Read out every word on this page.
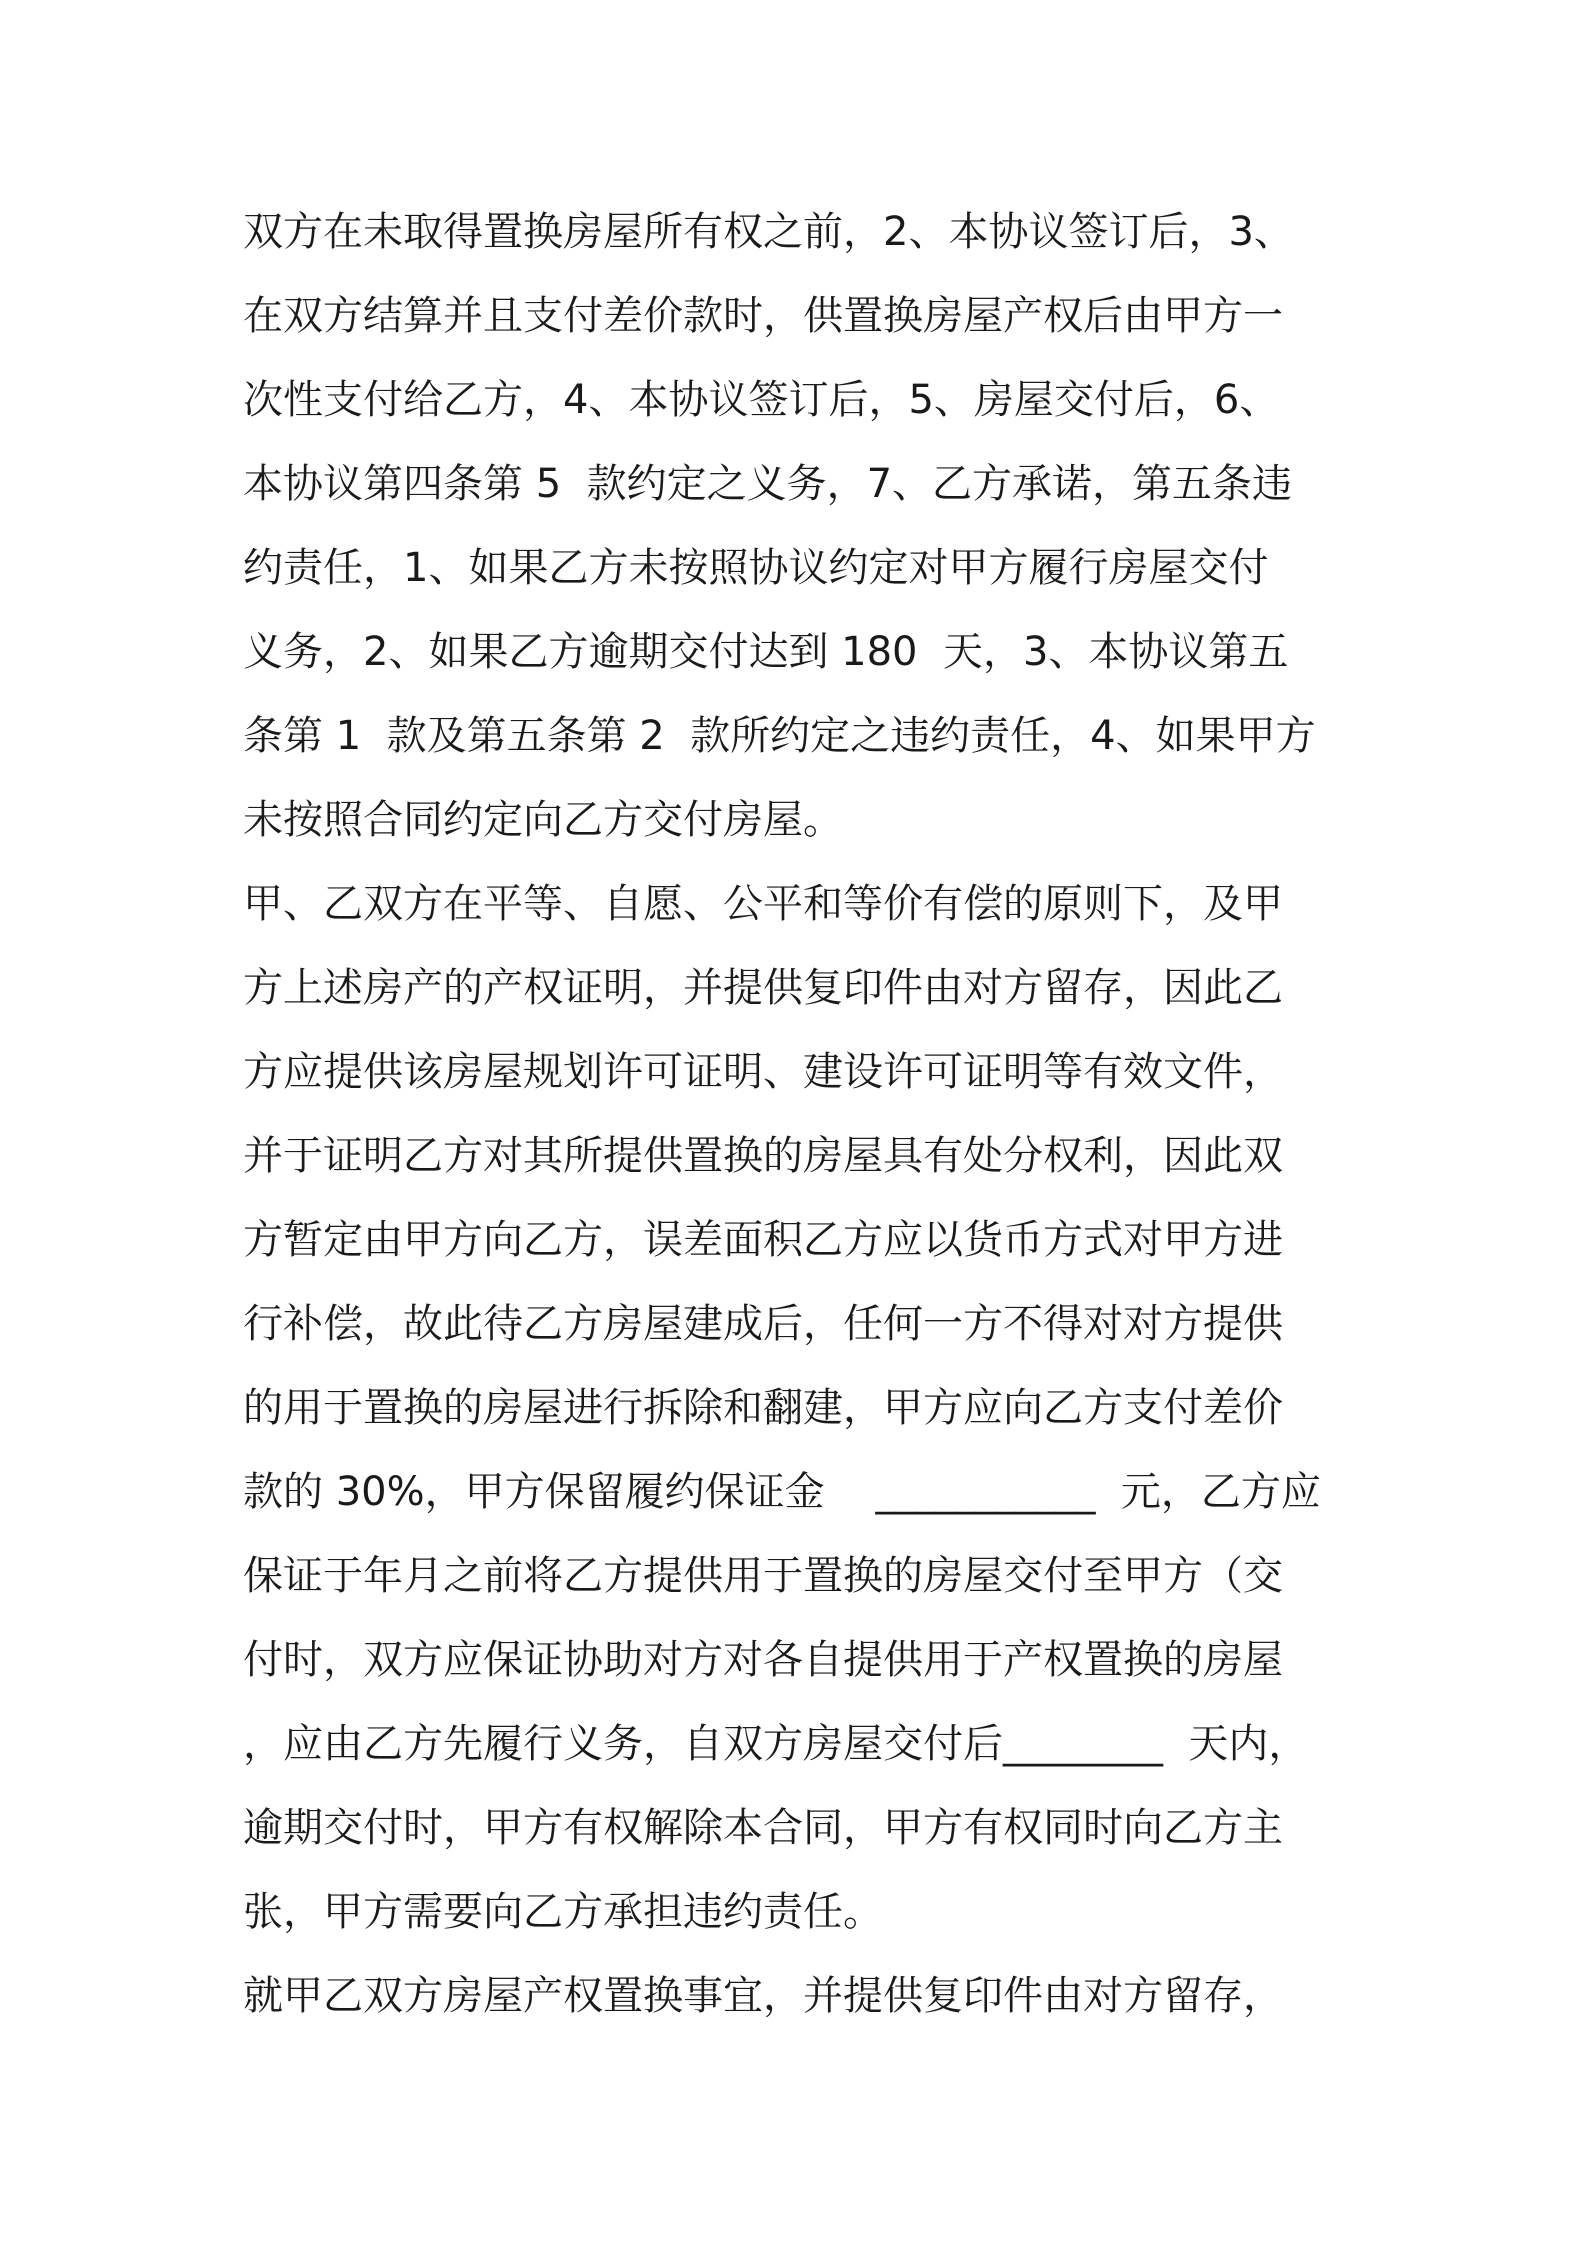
双方在未取得置换房屋所有权之前，2、本协议签订后，3、
在双方结算并且支付差价款时，供置换房屋产权后由甲方一
次性支付给乙方，4、本协议签订后，5、房屋交付后，6、
本协议第四条第 5  款约定之义务，7、乙方承诺，第五条违
约责任，1、如果乙方未按照协议约定对甲方履行房屋交付
义务，2、如果乙方逾期交付达到 180  天，3、本协议第五
条第 1  款及第五条第 2  款所约定之违约责任，4、如果甲方
未按照合同约定向乙方交付房屋。
甲、乙双方在平等、自愿、公平和等价有偿的原则下，及甲
方上述房产的产权证明，并提供复印件由对方留存，因此乙
方应提供该房屋规划许可证明、建设许可证明等有效文件，
并于证明乙方对其所提供置换的房屋具有处分权利，因此双
方暂定由甲方向乙方，误差面积乙方应以货币方式对甲方进
行补偿，故此待乙方房屋建成后，任何一方不得对对方提供
的用于置换的房屋进行拆除和翻建，甲方应向乙方支付差价
款的 30%，甲方保留履约保证金    ___________  元，乙方应
保证于年月之前将乙方提供用于置换的房屋交付至甲方（交
付时，双方应保证协助对方对各自提供用于产权置换的房屋
，应由乙方先履行义务，自双方房屋交付后________  天内，
逾期交付时，甲方有权解除本合同，甲方有权同时向乙方主
张，甲方需要向乙方承担违约责任。
就甲乙双方房屋产权置换事宜，并提供复印件由对方留存，
